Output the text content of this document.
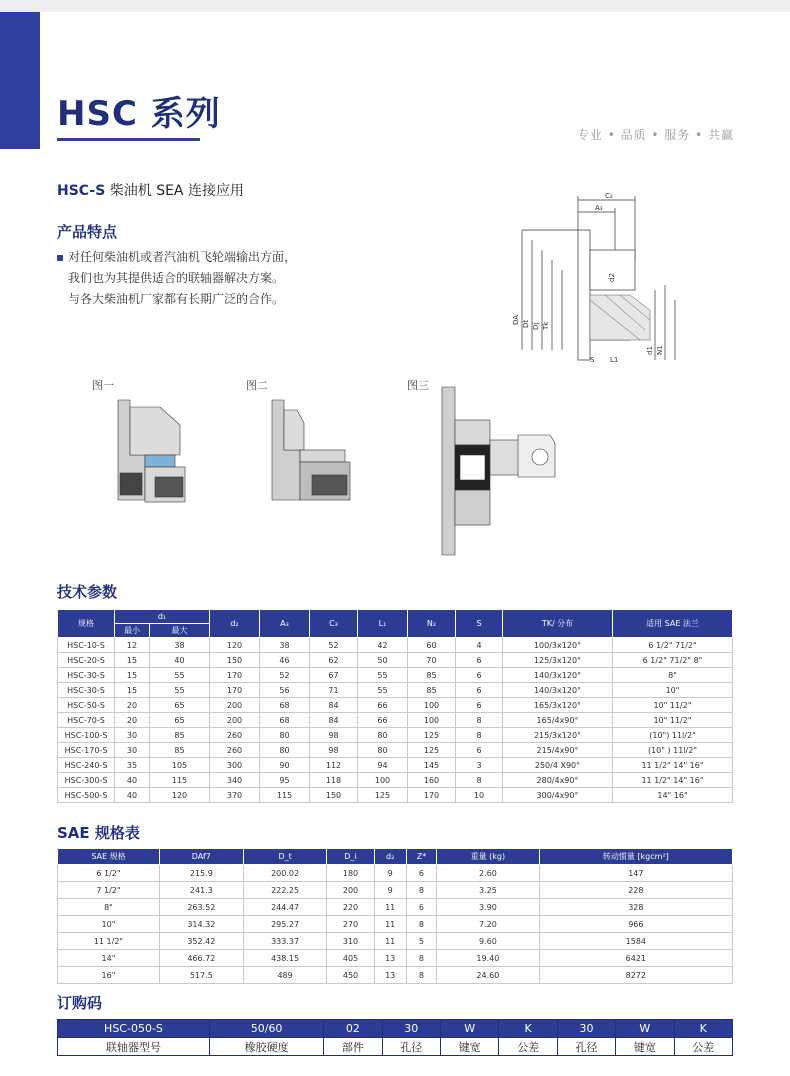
HSC 系列
专业 • 品质 • 服务 • 共赢
HSC-S 柴油机 SEA 连接应用
产品特点
对任何柴油机或者汽油机飞轮端输出方面，
我们也为其提供适合的联轴器解决方案。
与各大柴油机厂家都有长期广泛的合作。
C₃
A₃
DA Dt Dj Tk
d2
S L1
d1 N1
图一	图二	图三
技术参数
规格	d₁		d₂	A₃	C₃	L₁	N₂	S	TK/ 分布	适用 SAE 法兰
	最小	最大								
HSC-10-S	12	38	120	38	52	42	60	4	100/3x120°	6 1/2" 71/2"
HSC-20-S	15	40	150	46	62	50	70	6	125/3x120°	6 1/2" 71/2" 8"
HSC-30-S	15	55	170	52	67	55	85	6	140/3x120°	8"
HSC-30-S	15	55	170	56	71	55	85	6	140/3x120°	10"
HSC-50-S	20	65	200	68	84	66	100	6	165/3x120°	10" 11/2"
HSC-70-S	20	65	200	68	84	66	100	8	165/4x90°	10" 11/2"
HSC-100-S	30	85	260	80	98	80	125	8	215/3x120°	(10") 11l/2"
HSC-170-S	30	85	260	80	98	80	125	6	215/4x90°	(10" ) 11l/2"
HSC-240-S	35	105	300	90	112	94	145	3	250/4 X90°	11 1/2" 14" 16"
HSC-300-S	40	115	340	95	118	100	160	8	280/4x90°	11 1/2" 14" 16"
HSC-500-S	40	120	370	115	150	125	170	10	300/4x90°	14" 16"
SAE 规格表
SAE 规格	DAf7	D_t	D_i	d₂	Z*	重量 (kg)	转动惯量 [kgcm²]
6 1/2"	215.9	200.02	180	9	6	2.60	147
7 1/2"	241.3	222.25	200	9	8	3.25	228
8"	263.52	244.47	220	11	6	3.90	328
10"	314.32	295.27	270	11	8	7.20	966
11 1/2"	352.42	333.37	310	11	5	9.60	1584
14"	466.72	438.15	405	13	8	19.40	6421
16"	517.5	489	450	13	8	24.60	8272
订购码
HSC-050-S	50/60	02	30	W	K	30	W	K
联轴器型号	橡胶硬度	部件	孔径	键宽	公差	孔径	键宽	公差
